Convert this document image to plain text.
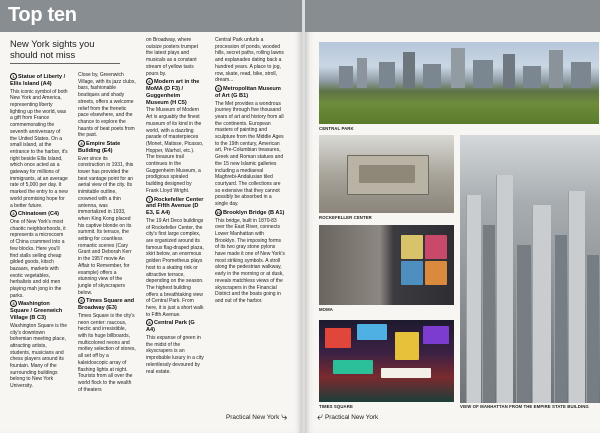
Top ten
New York sights you should not miss

1 Statue of Liberty / Ellis Island (A4)

This iconic symbol of both New York and America, representing liberty lighting up the world, was a gift from France commemorating the seventh anniversary of the United States. On a small island, at the entrance to the harbor, it's right beside Ellis Island, which once acted as a gateway for millions of immigrants, at an average rate of 5,000 per day. It marked the entry to a new world promising hope for a better future.

2 Chinatown (C4)

One of New York's most chaotic neighborhoods, it represents a microcosm of China crammed into a few blocks. Here you'll find stalls selling cheap gilded goods, kitsch bazaars, markets with exotic vegetables, herbalists and old men playing mah jong in the parks.

3 Washington Square / Greenwich Village (B C3)

Washington Square is the city's downtown bohemian meeting place, attracting artists, students, musicians and chess players around its fountain. Many of the surrounding buildings belong to New York University.

Close by, Greenwich Village, with its jazz clubs, bars, fashionable boutiques and shady streets, offers a welcome relief from the frenetic pace elsewhere, and the chance to explore the haunts of beat poets from the past.

4 Empire State Building (E4)

Ever since its construction in 1931, this tower has provided the best vantage point for an aerial view of the city. Its inimitable outline, crowned with a thin antenna, was immortalized in 1933, when King Kong placed his captive blonde on its summit. Its terrace, the setting for countless romantic scenes (Cary Grant and Deborah Kerr in the 1957 movie An Affair to Remember, for example) offers a stunning view of the jungle of skyscrapers below.

5 Times Square and Broadway (E3)

Times Square is the city's neon center: raucous, hectic and irresistible, with its huge billboards, multicolored neons and motley selection of stores, all set off by a kaleidoscopic array of flashing lights at night. Tourists from all over the world flock to the wealth of theaters

on Broadway, where outsize posters trumpet the latest plays and musicals as a constant stream of yellow taxis pours by.

6 Modern art in the MoMA (D F3) / Guggenheim Museum (H C5)

The Museum of Modern Art is arguably the finest museum of its kind in the world, with a dazzling parade of masterpieces (Monet, Matisse, Picasso, Hopper, Warhol, etc.). The treasure trail continues in the Guggenheim Museum, a prodigious spiraled building designed by Frank Lloyd Wright.

7 Rockefeller Center and Fifth Avenue (D E3, E A4)

The 19 Art Deco buildings of Rockefeller Center, the city's first large complex, are organized around its famous flag-draped plaza, skirt below, an enormous golden Prometheus plays host to a skating rink or attractive terrace, depending on the season. The highest building offers a breathtaking view of Central Park. From here, it is just a short walk to Fifth Avenue.

8 Central Park (G A4)

This expanse of green in the midst of the skyscrapers is an improbable luxury in a city relentlessly devoured by real estate.

Central Park unfurls a procession of ponds, wooded hills, secret paths, rolling lawns and esplanades dating back a hundred years. A place to jog, row, skate, read, bike, stroll, dream...

9 Metropolitan Museum of Art (G B1)

The Met provides a wondrous journey through five thousand years of art and history from all the continents. European masters of painting and sculpture from the Middle Ages to the 19th century, American art, Pre-Columbian treasures, Greek and Roman statues and the 15 new Islamic galleries including a mediaeval Maghrebi-Andalusian tiled courtyard. The collections are so extensive that they cannot possibly be absorbed in a single day.

10 Brooklyn Bridge (B A1)

This bridge, built in 1870-83 over the East River, connects Lower Manhattan with Brooklyn. The imposing forms of its two gray stone pylons have made it one of New York's most striking symbols. A stroll along the pedestrian walkway, early in the morning or at dusk, reveals matchless views of the skyscrapers in the Financial District and the boats going in and out of the harbor.

Practical New York ⤷
CENTRAL PARK
ROCKEFELLER CENTER
MOMA
TIMES SQUARE	VIEW OF MANHATTAN FROM THE EMPIRE STATE BUILDING
⤶ Practical New York
